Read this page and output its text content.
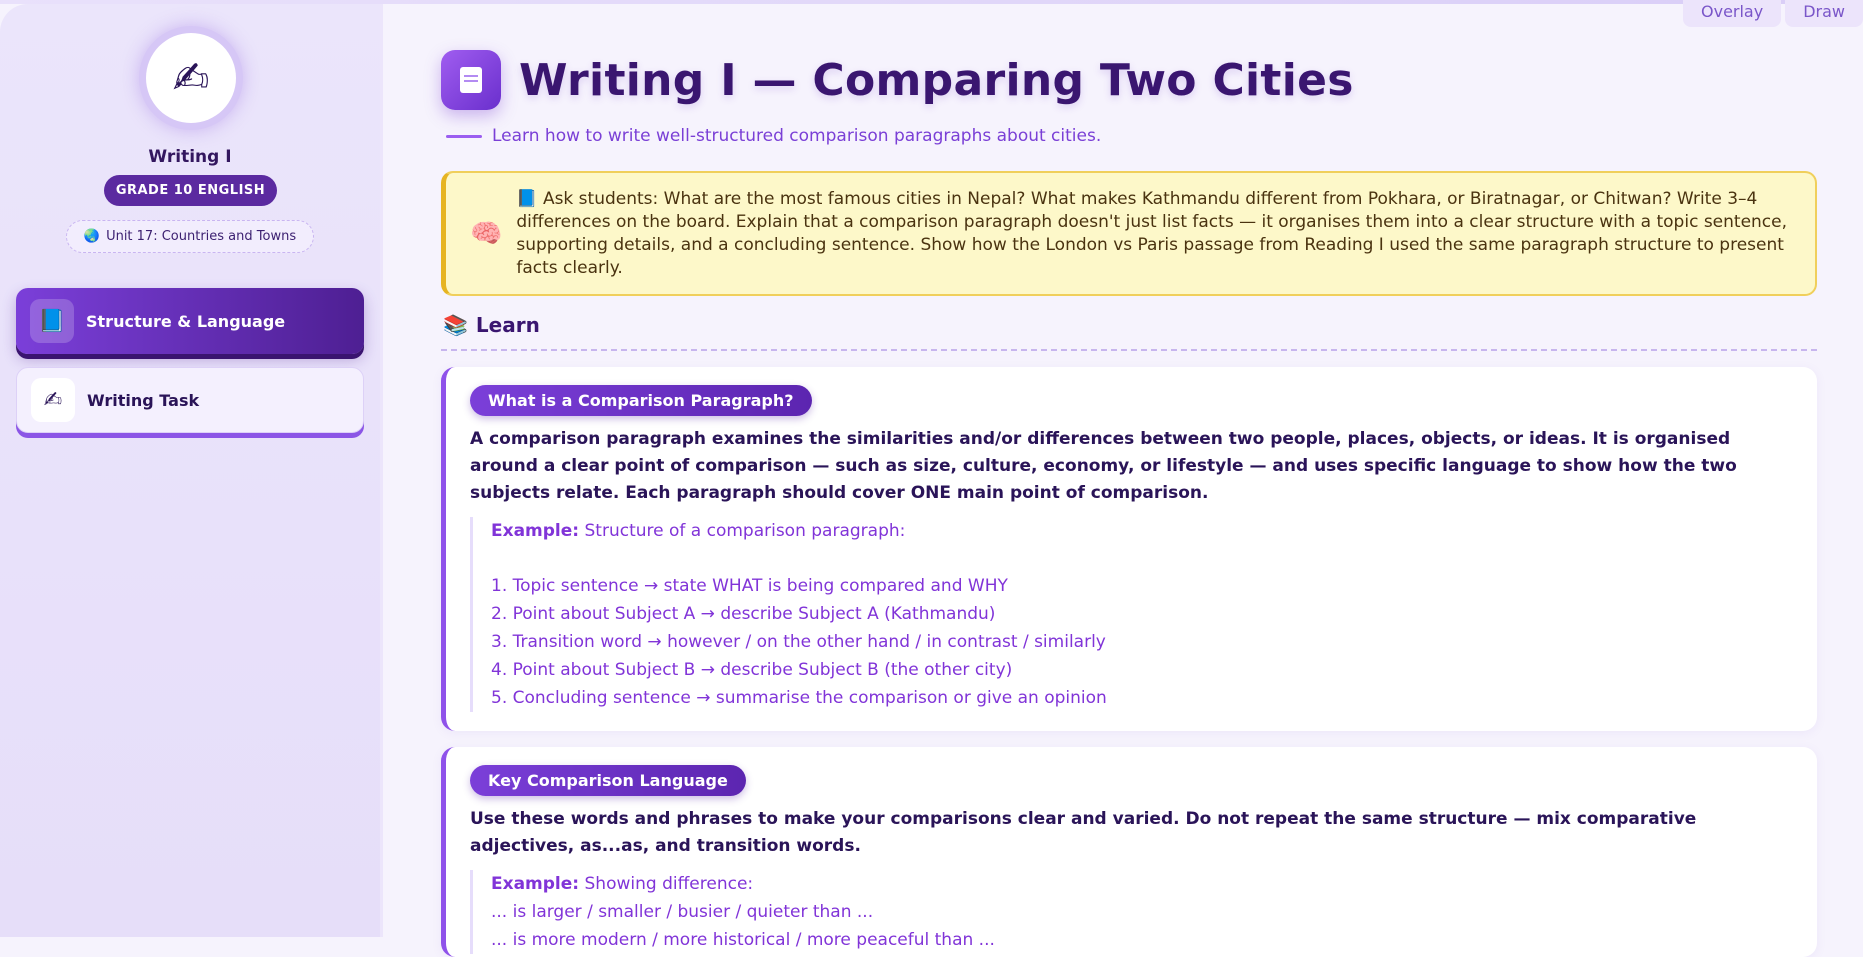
Overlay	Draw
✍
Writing I
GRADE 10 ENGLISH
🌏 Unit 17: Countries and Towns
📘	Structure & Language
✍	Writing Task
Writing I — Comparing Two Cities
Learn how to write well-structured comparison paragraphs about cities.
🧠

📘 Ask students: What are the most famous cities in Nepal? What makes Kathmandu different from Pokhara, or Biratnagar, or Chitwan? Write 3–4 differences on the board. Explain that a comparison paragraph doesn't just list facts — it organises them into a clear structure with a topic sentence, supporting details, and a concluding sentence. Show how the London vs Paris passage from Reading I used the same paragraph structure to present facts clearly.

📚 Learn
What is a Comparison Paragraph?

A comparison paragraph examines the similarities and/or differences between two people, places, objects, or ideas. It is organised around a clear point of comparison — such as size, culture, economy, or lifestyle — and uses specific language to show how the two subjects relate. Each paragraph should cover ONE main point of comparison.

Example: Structure of a comparison paragraph:
1. Topic sentence → state WHAT is being compared and WHY
2. Point about Subject A → describe Subject A (Kathmandu)
3. Transition word → however / on the other hand / in contrast / similarly
4. Point about Subject B → describe Subject B (the other city)
5. Concluding sentence → summarise the comparison or give an opinion
Key Comparison Language

Use these words and phrases to make your comparisons clear and varied. Do not repeat the same structure — mix comparative adjectives, as...as, and transition words.

Example: Showing difference:
... is larger / smaller / busier / quieter than ...
... is more modern / more historical / more peaceful than ...
